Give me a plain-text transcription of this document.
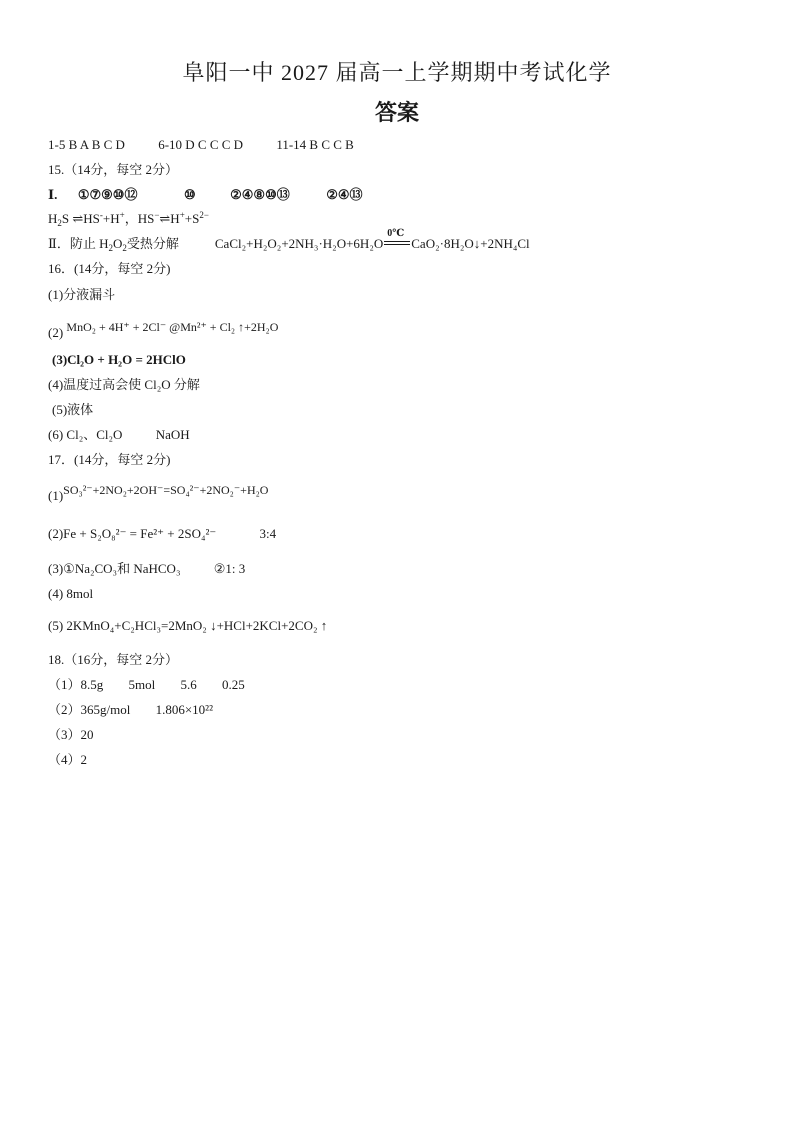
阜阳一中 2027 届高一上学期期中考试化学
答案
1-5 B A B C D	6-10 D C C C D	11-14 B C C B
15.（14分，每空 2分）
Ⅰ. ①⑦⑨⑩⑫	⑩	②④⑧⑩⑬	②④⑬
$H_2S$ ⇌HS-+H+，$HS^-\rightleftharpoons H^++S^{2-}$
Ⅱ．防止 $H_2O_2$受热分解	CaCl₂+H₂O₂+2NH₃·H₂O+6H₂O
0℃
CaO₂·8H₂O↓+2NH₄Cl
16．(14分，每空 2分)
(1)分液漏斗
(2) MnO₂ + 4H⁺ + 2Cl⁻ @Mn²⁺ + Cl₂ ↑+2H₂O
(3)Cl₂O + H₂O = 2HClO
(4)温度过高会使 Cl₂O 分解
(5)液体
(6) Cl₂、Cl₂O	NaOH
17．(14分，每空 2分)
(1)SO₃²⁻+2NO₂+2OH⁻=SO₄²⁻+2NO₂⁻+H₂O
(2)Fe + S₂O₈²⁻ = Fe²⁺ + 2SO₄²⁻	3:4
(3)①Na₂CO₃和 NaHCO₃	②1: 3
(4) 8mol
(5) 2KMnO₄+C₂HCl₃=2MnO₂ ↓+HCl+2KCl+2CO₂ ↑
18.（16分，每空 2分）
（1）8.5g 5mol 5.6 0.25
（2）365g/mol 1.806×10²²
（3）20
（4）2
